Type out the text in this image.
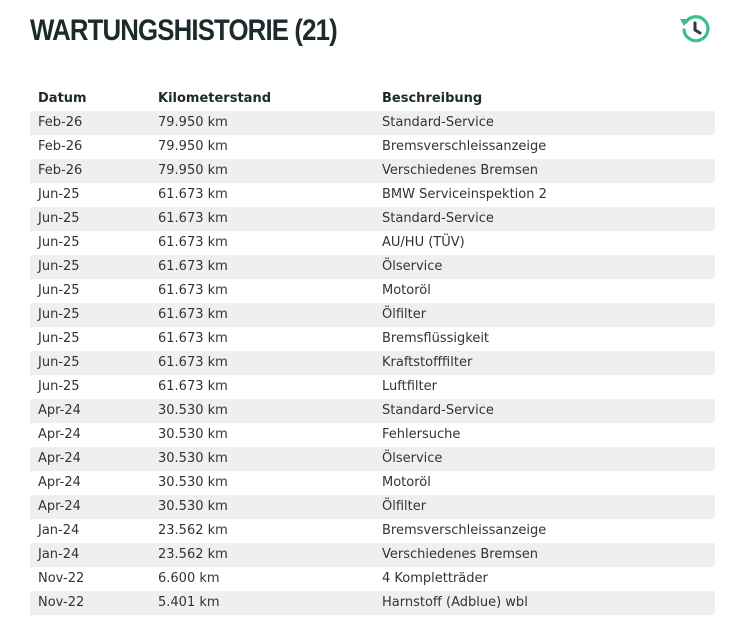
WARTUNGSHISTORIE (21)
Datum	Kilometerstand	Beschreibung
Feb-26	79.950 km	Standard-Service
Feb-26	79.950 km	Bremsverschleissanzeige
Feb-26	79.950 km	Verschiedenes Bremsen
Jun-25	61.673 km	BMW Serviceinspektion 2
Jun-25	61.673 km	Standard-Service
Jun-25	61.673 km	AU/HU (TÜV)
Jun-25	61.673 km	Ölservice
Jun-25	61.673 km	Motoröl
Jun-25	61.673 km	Ölfilter
Jun-25	61.673 km	Bremsflüssigkeit
Jun-25	61.673 km	Kraftstofffilter
Jun-25	61.673 km	Luftfilter
Apr-24	30.530 km	Standard-Service
Apr-24	30.530 km	Fehlersuche
Apr-24	30.530 km	Ölservice
Apr-24	30.530 km	Motoröl
Apr-24	30.530 km	Ölfilter
Jan-24	23.562 km	Bremsverschleissanzeige
Jan-24	23.562 km	Verschiedenes Bremsen
Nov-22	6.600 km	4 Kompletträder
Nov-22	5.401 km	Harnstoff (Adblue) wbl
